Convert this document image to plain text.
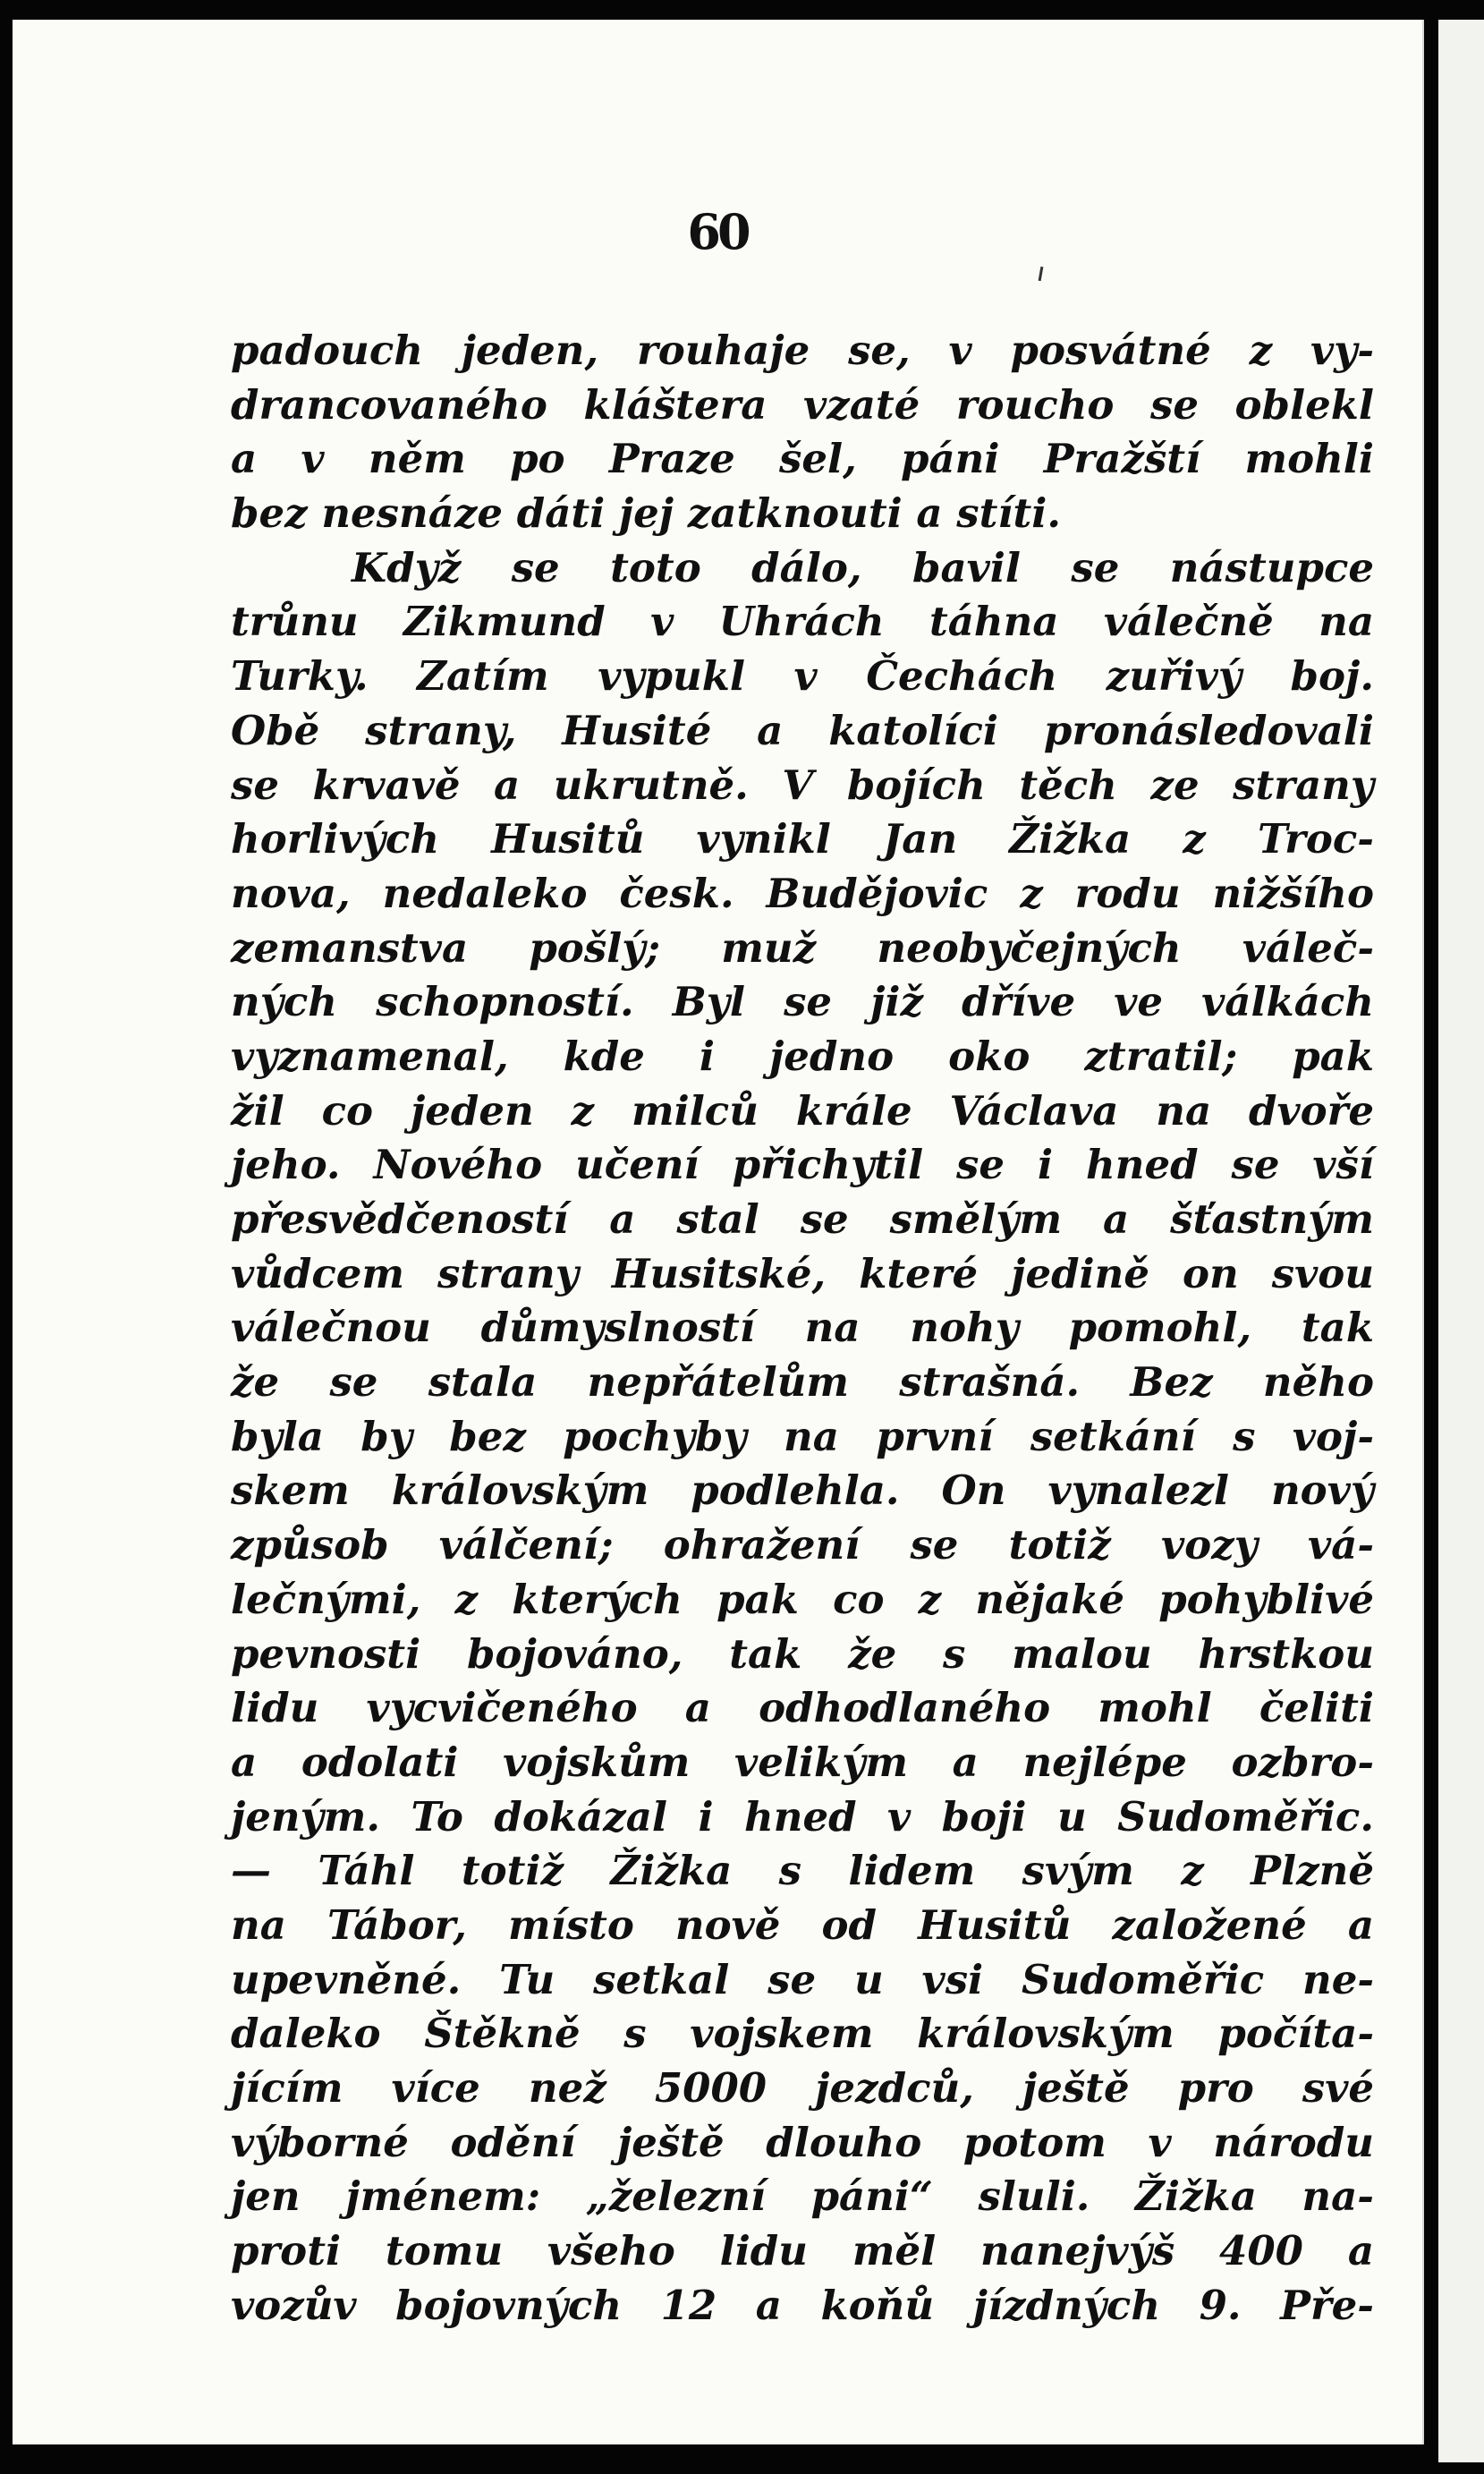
60
padouch jeden, rouhaje se, v posvátné z vy-
drancovaného kláštera vzaté roucho se oblekl
a v něm po Praze šel, páni Pražští mohli
bez nesnáze dáti jej zatknouti a stíti.
Když se toto dálo, bavil se nástupce
trůnu Zikmund v Uhrách táhna válečně na
Turky. Zatím vypukl v Čechách zuřivý boj.
Obě strany, Husité a katolíci pronásledovali
se krvavě a ukrutně. V bojích těch ze strany
horlivých Husitů vynikl Jan Žižka z Troc-
nova, nedaleko česk. Budějovic z rodu nižšího
zemanstva pošlý; muž neobyčejných váleč-
ných schopností. Byl se již dříve ve válkách
vyznamenal, kde i jedno oko ztratil; pak
žil co jeden z milců krále Václava na dvoře
jeho. Nového učení přichytil se i hned se vší
přesvědčeností a stal se smělým a šťastným
vůdcem strany Husitské, které jedině on svou
válečnou důmyslností na nohy pomohl, tak
že se stala nepřátelům strašná. Bez něho
byla by bez pochyby na první setkání s voj-
skem královským podlehla. On vynalezl nový
způsob válčení; ohražení se totiž vozy vá-
lečnými, z kterých pak co z nějaké pohyblivé
pevnosti bojováno, tak že s malou hrstkou
lidu vycvičeného a odhodlaného mohl čeliti
a odolati vojskům velikým a nejlépe ozbro-
jeným. To dokázal i hned v boji u Sudoměřic.
— Táhl totiž Žižka s lidem svým z Plzně
na Tábor, místo nově od Husitů založené a
upevněné. Tu setkal se u vsi Sudoměřic ne-
daleko Štěkně s vojskem královským počíta-
jícím více než 5000 jezdců, ještě pro své
výborné odění ještě dlouho potom v národu
jen jménem: „železní páni“ sluli. Žižka na-
proti tomu všeho lidu měl nanejvýš 400 a
vozův bojovných 12 a koňů jízdných 9. Pře-
